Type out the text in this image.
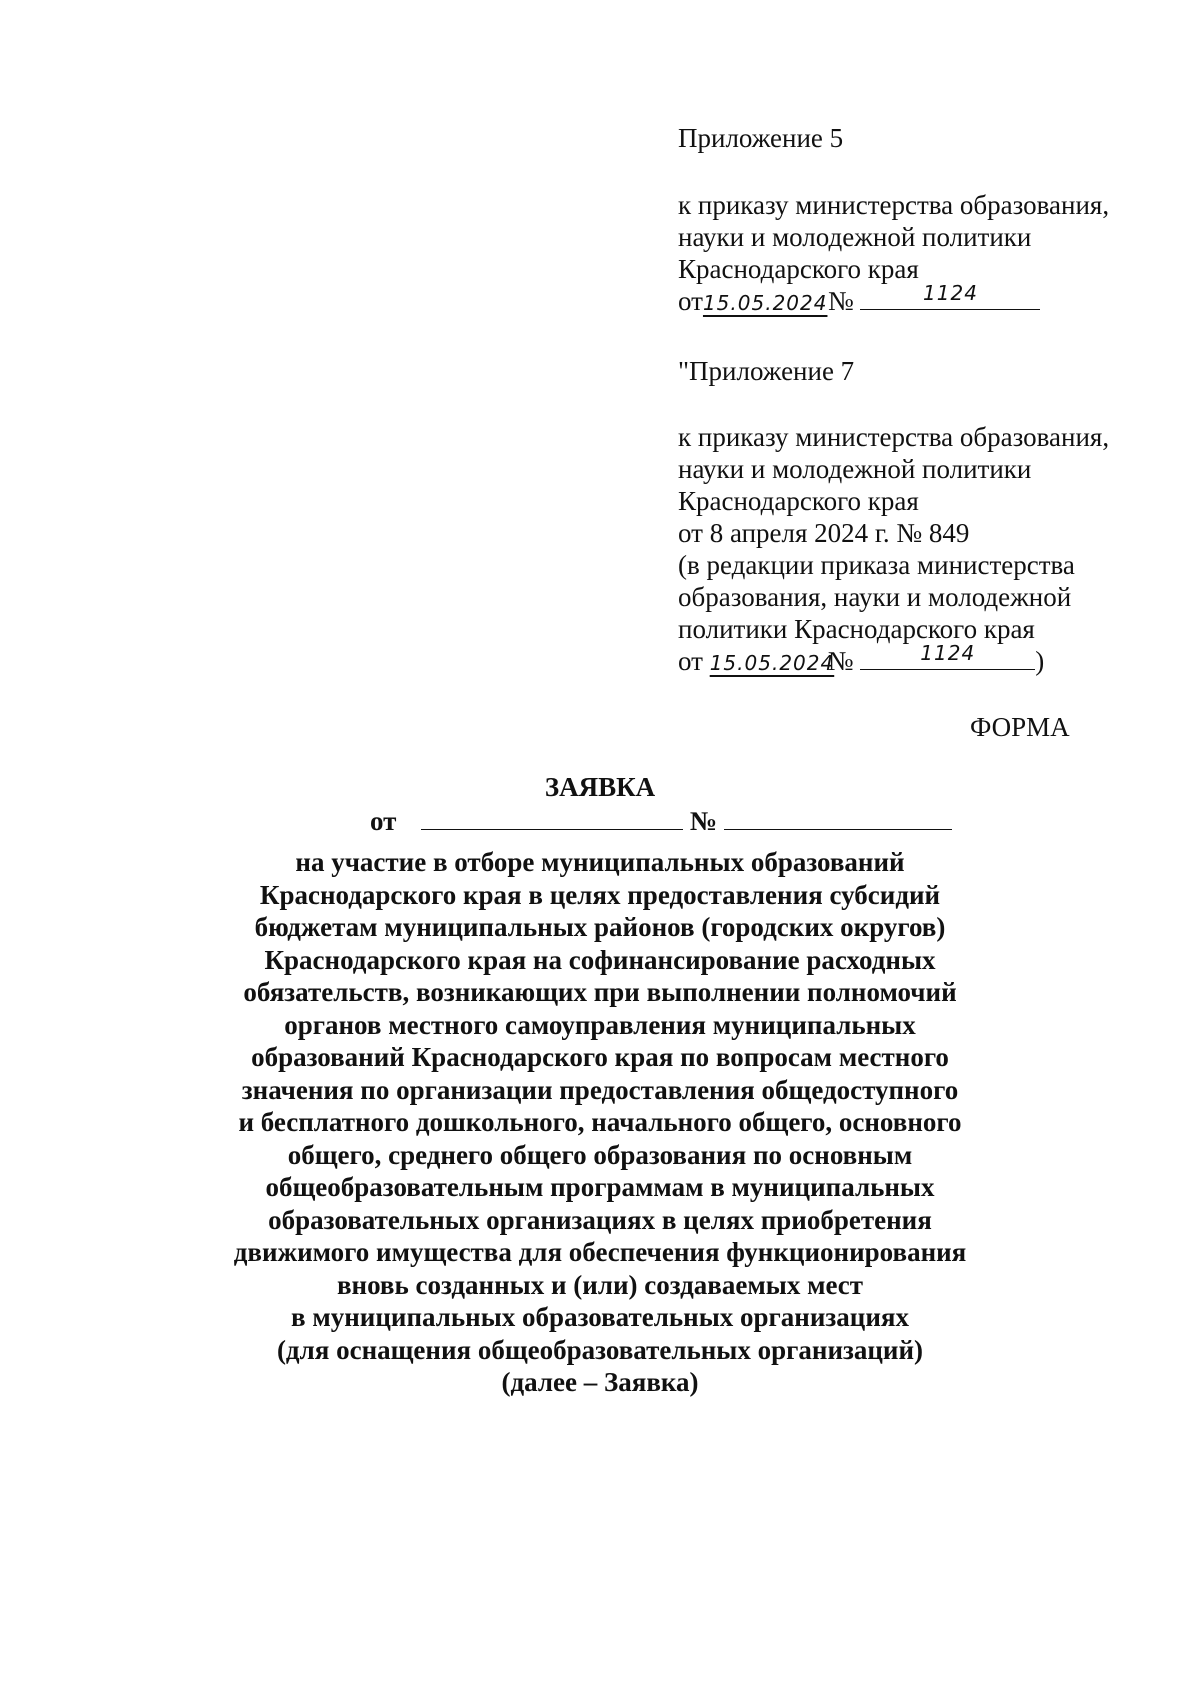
Приложение 5
к приказу министерства образования,
науки и молодежной политики
Краснодарского края
от15.05.2024№	1124
"Приложение 7
к приказу министерства образования,
науки и молодежной политики
Краснодарского края
от 8 апреля 2024 г. № 849
(в редакции приказа министерства
образования, науки и молодежной
политики Краснодарского края
от 15.05.2024№	1124	)
ФОРМА
ЗАЯВКА
от	№
на участие в отборе муниципальных образований
Краснодарского края в целях предоставления субсидий
бюджетам муниципальных районов (городских округов)
Краснодарского края на софинансирование расходных
обязательств, возникающих при выполнении полномочий
органов местного самоуправления муниципальных
образований Краснодарского края по вопросам местного
значения по организации предоставления общедоступного
и бесплатного дошкольного, начального общего, основного
общего, среднего общего образования по основным
общеобразовательным программам в муниципальных
образовательных организациях в целях приобретения
движимого имущества для обеспечения функционирования
вновь созданных и (или) создаваемых мест
в муниципальных образовательных организациях
(для оснащения общеобразовательных организаций)
(далее – Заявка)
